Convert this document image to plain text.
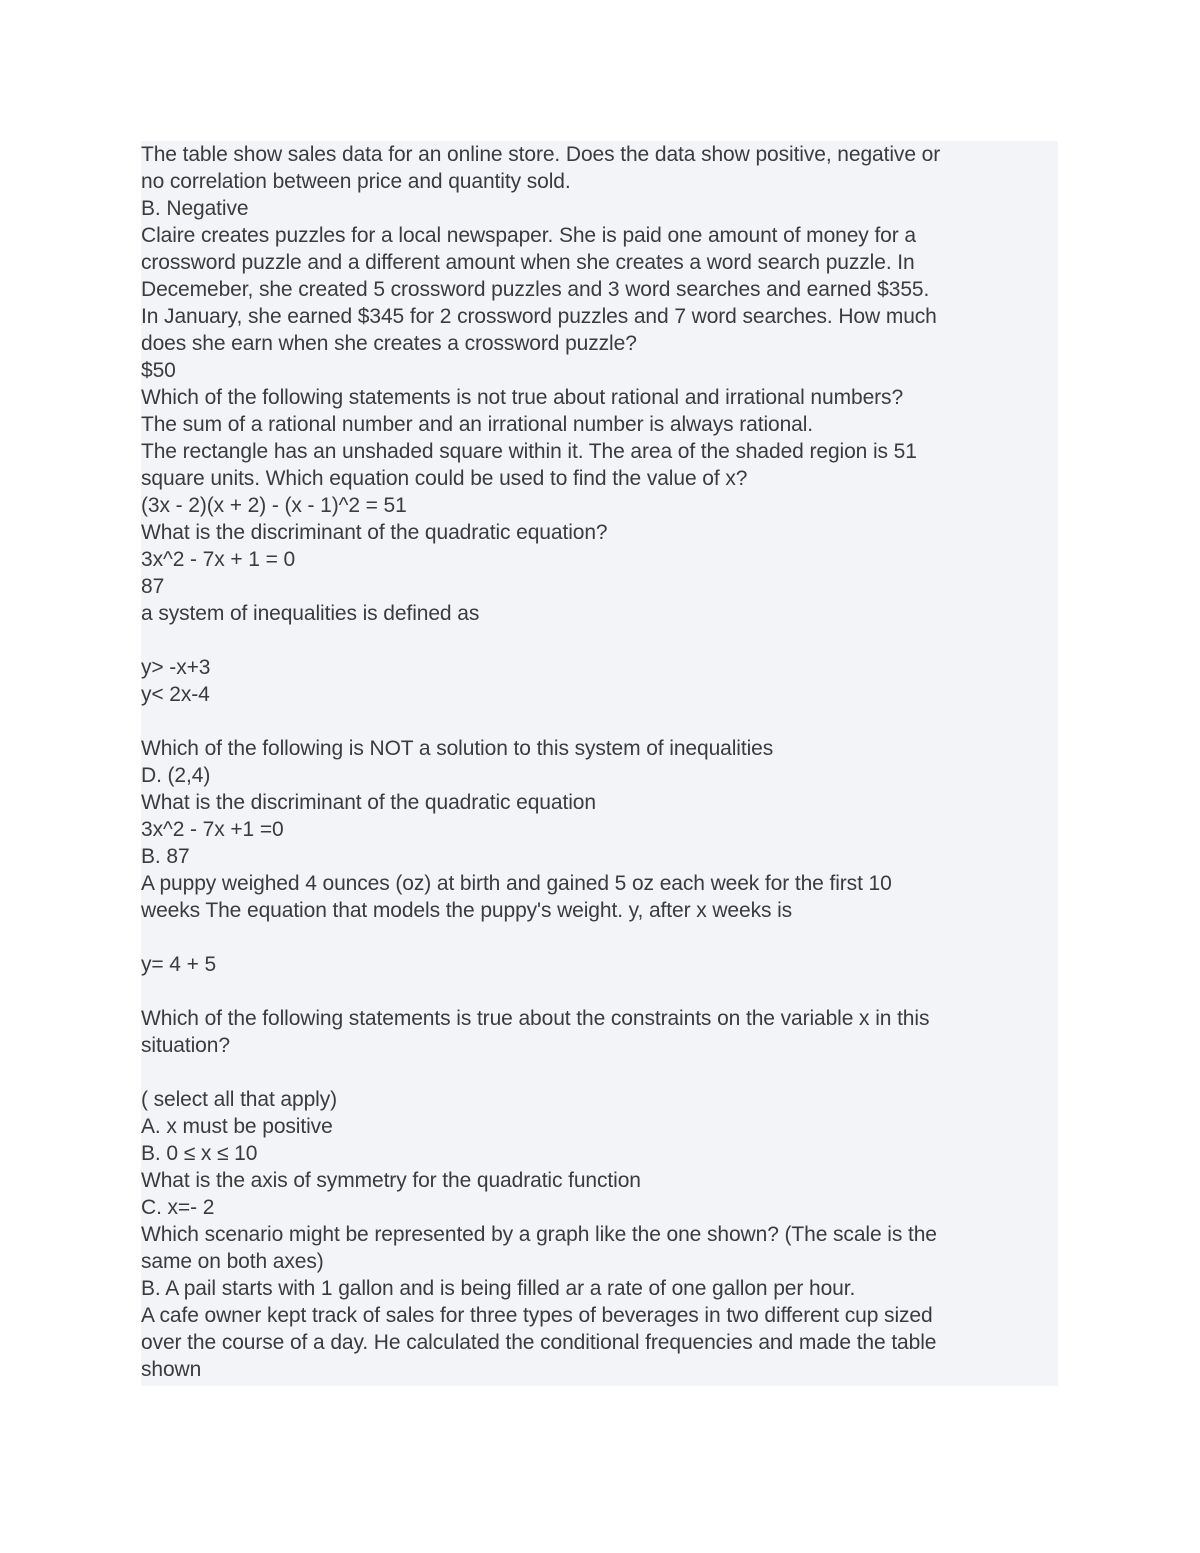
The table show sales data for an online store. Does the data show positive, negative or
no correlation between price and quantity sold.
B. Negative
Claire creates puzzles for a local newspaper. She is paid one amount of money for a
crossword puzzle and a different amount when she creates a word search puzzle. In
Decemeber, she created 5 crossword puzzles and 3 word searches and earned $355.
In January, she earned $345 for 2 crossword puzzles and 7 word searches. How much
does she earn when she creates a crossword puzzle?
$50
Which of the following statements is not true about rational and irrational numbers?
The sum of a rational number and an irrational number is always rational.
The rectangle has an unshaded square within it. The area of the shaded region is 51
square units. Which equation could be used to find the value of x?
(3x - 2)(x + 2) - (x - 1)^2 = 51
What is the discriminant of the quadratic equation?
3x^2 - 7x + 1 = 0
87
a system of inequalities is defined as
y> -x+3
y< 2x-4
Which of the following is NOT a solution to this system of inequalities
D. (2,4)
What is the discriminant of the quadratic equation
3x^2 - 7x +1 =0
B. 87
A puppy weighed 4 ounces (oz) at birth and gained 5 oz each week for the first 10
weeks The equation that models the puppy's weight. y, after x weeks is
y= 4 + 5
Which of the following statements is true about the constraints on the variable x in this
situation?
( select all that apply)
A. x must be positive
B. 0 ≤ x ≤ 10
What is the axis of symmetry for the quadratic function
C. x=- 2
Which scenario might be represented by a graph like the one shown? (The scale is the
same on both axes)
B. A pail starts with 1 gallon and is being filled ar a rate of one gallon per hour.
A cafe owner kept track of sales for three types of beverages in two different cup sized
over the course of a day. He calculated the conditional frequencies and made the table
shown
